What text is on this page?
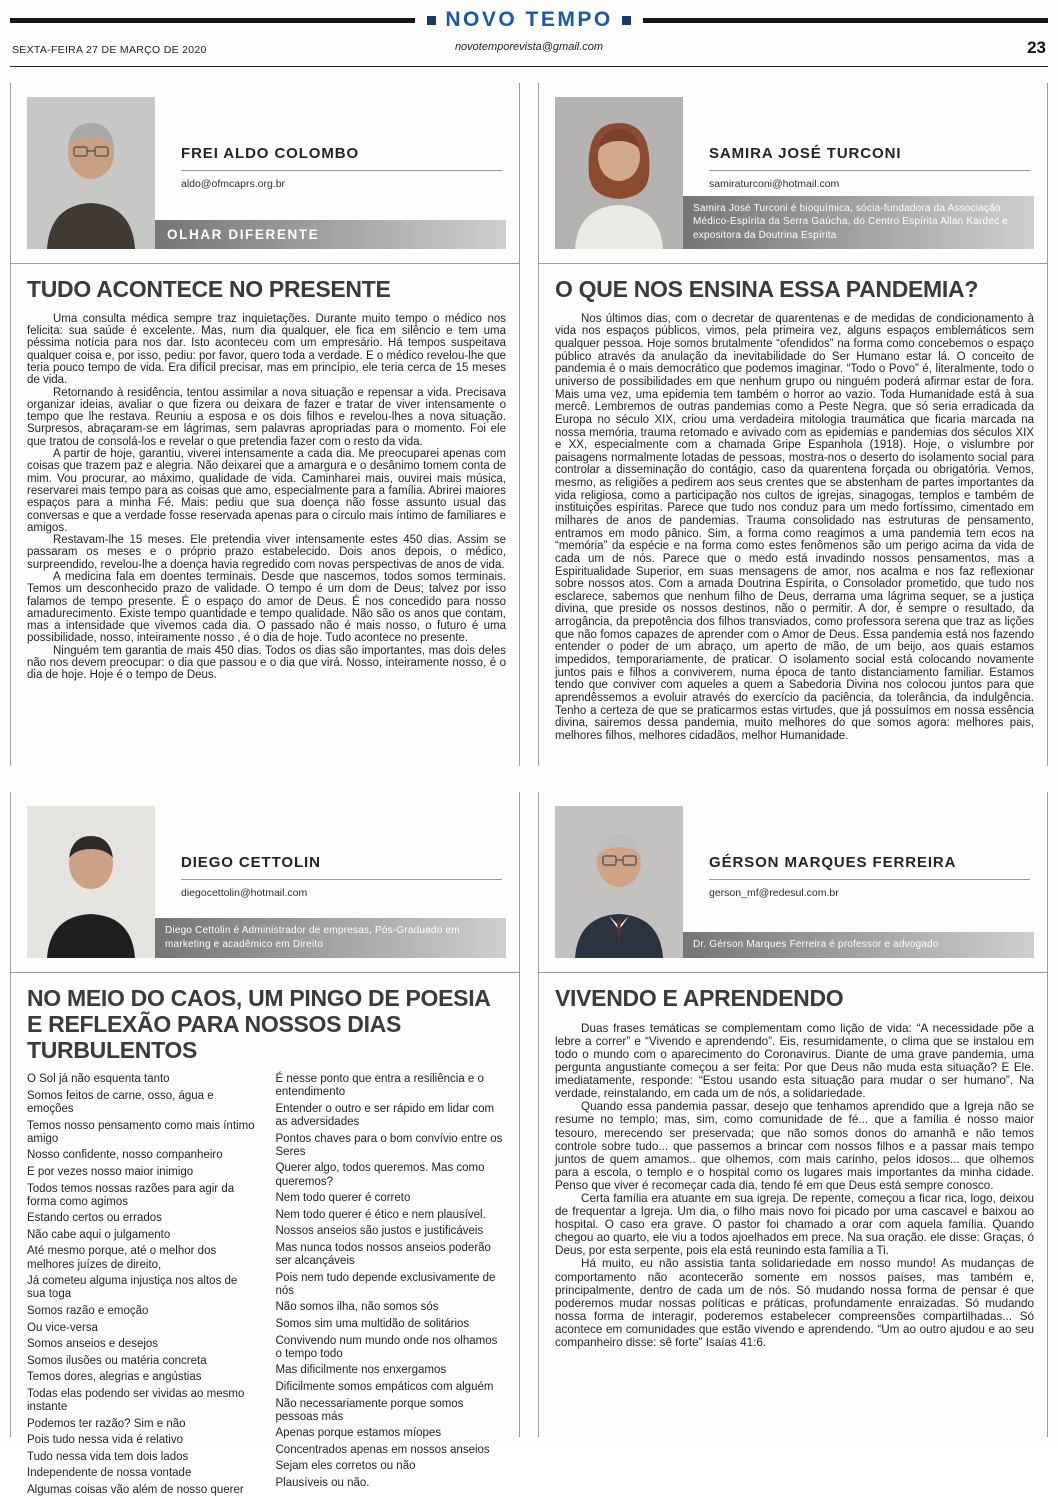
NOVO TEMPO
SEXTA-FEIRA 27 DE MARÇO DE 2020	novotemporevista@gmail.com	23
FREI ALDO COLOMBO
aldo@ofmcaprs.org.br
OLHAR DIFERENTE
TUDO ACONTECE NO PRESENTE

Uma consulta médica sempre traz inquietações. Durante muito tempo o médico nos felicita: sua saúde é excelente. Mas, num dia qualquer, ele fica em silêncio e tem uma péssima notícia para nos dar. Isto aconteceu com um empresário. Há tempos suspeitava qualquer coisa e, por isso, pediu: por favor, quero toda a verdade. E o médico revelou-lhe que teria pouco tempo de vida. Era difícil precisar, mas em princípio, ele teria cerca de 15 meses de vida.

Retornando à residência, tentou assimilar a nova situação e repensar a vida. Precisava organizar ideias, avaliar o que fizera ou deixara de fazer e tratar de viver intensamente o tempo que lhe restava. Reuniu a esposa e os dois filhos e revelou-lhes a nova situação. Surpresos, abraçaram-se em lágrimas, sem palavras apropriadas para o momento. Foi ele que tratou de consolá-los e revelar o que pretendia fazer com o resto da vida.

A partir de hoje, garantiu, viverei intensamente a cada dia. Me preocuparei apenas com coisas que trazem paz e alegria. Não deixarei que a amargura e o desânimo tomem conta de mim. Vou procurar, ao máximo, qualidade de vida. Caminharei mais, ouvirei mais música, reservarei mais tempo para as coisas que amo, especialmente para a família. Abrirei maiores espaços para a minha Fé. Mais: pediu que sua doença não fosse assunto usual das conversas e que a verdade fosse reservada apenas para o círculo mais íntimo de familiares e amigos.

Restavam-lhe 15 meses. Ele pretendia viver intensamente estes 450 dias. Assim se passaram os meses e o próprio prazo estabelecido. Dois anos depois, o médico, surpreendido, revelou-lhe a doença havia regredido com novas perspectivas de anos de vida.

A medicina fala em doentes terminais. Desde que nascemos, todos somos terminais. Temos um desconhecido prazo de validade. O tempo é um dom de Deus; talvez por isso falamos de tempo presente. É o espaço do amor de Deus. É nos concedido para nosso amadurecimento. Existe tempo quantidade e tempo qualidade. Não são os anos que contam, mas a intensidade que vivemos cada dia. O passado não é mais nosso, o futuro é uma possibilidade, nosso, inteiramente nosso , é o dia de hoje. Tudo acontece no presente.

Ninguém tem garantia de mais 450 dias. Todos os dias são importantes, mas dois deles não nos devem preocupar: o dia que passou e o dia que virá. Nosso, inteiramente nosso, é o dia de hoje. Hoje é o tempo de Deus.

SAMIRA JOSÉ TURCONI
samiraturconi@hotmail.com
Samira José Turconi é bioquímica, sócia-fundadora da Associação Médico-Espírita da Serra Gaúcha, do Centro Espírita Allan Kardec e expositora da Doutrina Espírita
O QUE NOS ENSINA ESSA PANDEMIA?

Nos últimos dias, com o decretar de quarentenas e de medidas de condicionamento à vida nos espaços públicos, vimos, pela primeira vez, alguns espaços emblemáticos sem qualquer pessoa. Hoje somos brutalmente “ofendidos” na forma como concebemos o espaço público através da anulação da inevitabilidade do Ser Humano estar lá. O conceito de pandemia é o mais democrático que podemos imaginar. “Todo o Povo” é, literalmente, todo o universo de possibilidades em que nenhum grupo ou ninguém poderá afirmar estar de fora. Mais uma vez, uma epidemia tem também o horror ao vazio. Toda Humanidade está à sua mercê. Lembremos de outras pandemias como a Peste Negra, que só seria erradicada da Europa no século XIX, criou uma verdadeira mitologia traumática que ficaria marcada na nossa memória, trauma retomado e avivado com as epidemias e pandemias dos séculos XIX e XX, especialmente com a chamada Gripe Espanhola (1918). Hoje, o vislumbre por paisagens normalmente lotadas de pessoas, mostra-nos o deserto do isolamento social para controlar a disseminação do contágio, caso da quarentena forçada ou obrigatória. Vemos, mesmo, as religiões a pedirem aos seus crentes que se abstenham de partes importantes da vida religiosa, como a participação nos cultos de igrejas, sinagogas, templos e também de instituições espíritas. Parece que tudo nos conduz para um medo fortíssimo, cimentado em milhares de anos de pandemias. Trauma consolidado nas estruturas de pensamento, entramos em modo pânico. Sim, a forma como reagimos a uma pandemia tem ecos na “memória” da espécie e na forma como estes fenômenos são um perigo acima da vida de cada um de nós. Parece que o medo está invadindo nossos pensamentos, mas a Espiritualidade Superior, em suas mensagens de amor, nos acalma e nos faz reflexionar sobre nossos atos. Com a amada Doutrina Espírita, o Consolador prometido, que tudo nos esclarece, sabemos que nenhum filho de Deus, derrama uma lágrima sequer, se a justiça divina, que preside os nossos destinos, não o permitir. A dor, é sempre o resultado, da arrogância, da prepotência dos filhos transviados, como professora serena que traz as lições que não fomos capazes de aprender com o Amor de Deus. Essa pandemia está nos fazendo entender o poder de um abraço, um aperto de mão, de um beijo, aos quais estamos impedidos, temporariamente, de praticar. O isolamento social está colocando novamente juntos pais e filhos a conviverem, numa época de tanto distanciamento familiar. Estamos tendo que conviver com aqueles a quem a Sabedoria Divina nos colocou juntos para que aprendêssemos a evoluir através do exercício da paciência, da tolerância, da indulgência. Tenho a certeza de que se praticarmos estas virtudes, que já possuímos em nossa essência divina, sairemos dessa pandemia, muito melhores do que somos agora: melhores pais, melhores filhos, melhores cidadãos, melhor Humanidade.

DIEGO CETTOLIN
diegocettolin@hotmail.com
Diego Cettolin é Administrador de empresas, Pós-Graduado em marketing e acadêmico em Direito
NO MEIO DO CAOS, UM PINGO DE POESIA E REFLEXÃO PARA NOSSOS DIAS TURBULENTOS

O Sol já não esquenta tanto

Somos feitos de carne, osso, água e emoções

Temos nosso pensamento como mais íntimo amigo

Nosso confidente, nosso companheiro

E por vezes nosso maior inimigo

Todos temos nossas razões para agir da forma como agimos

Estando certos ou errados

Não cabe aqui o julgamento

Até mesmo porque, até o melhor dos melhores juízes de direito,

Já cometeu alguma injustiça nos altos de sua toga

Somos razão e emoção

Ou vice-versa

Somos anseios e desejos

Somos ilusões ou matéria concreta

Temos dores, alegrias e angústias

Todas elas podendo ser vividas ao mesmo instante

Podemos ter razão? Sim e não

Pois tudo nessa vida é relativo

Tudo nessa vida tem dois lados

Independente de nossa vontade

Algumas coisas vão além de nosso querer

É nesse ponto que entra a resiliência e o entendimento

Entender o outro e ser rápido em lidar com as adversidades

Pontos chaves para o bom convívio entre os Seres

Querer algo, todos queremos. Mas como queremos?

Nem todo querer é correto

Nem todo querer é ético e nem plausível.

Nossos anseios são justos e justificáveis

Mas nunca todos nossos anseios poderão ser alcançáveis

Pois nem tudo depende exclusivamente de nós

Não somos ilha, não somos sós

Somos sim uma multidão de solitários

Convivendo num mundo onde nos olhamos o tempo todo

Mas dificilmente nos enxergamos

Dificilmente somos empáticos com alguém

Não necessariamente porque somos pessoas más

Apenas porque estamos míopes

Concentrados apenas em nossos anseios

Sejam eles corretos ou não

Plausíveis ou não.

GÉRSON MARQUES FERREIRA
gerson_mf@redesul.com.br
Dr. Gérson Marques Ferreira é professor e advogado
VIVENDO E APRENDENDO

Duas frases temáticas se complementam como lição de vida: “A necessidade põe a lebre a correr” e “Vivendo e aprendendo”. Eis, resumidamente, o clima que se instalou em todo o mundo com o aparecimento do Coronavirus. Diante de uma grave pandemia, uma pergunta angustiante começou a ser feita: Por que Deus não muda esta situação? E Ele. imediatamente, responde: “Estou usando esta situação para mudar o ser humano”. Na verdade, reinstalando, em cada um de nós, a solidariedade.

Quando essa pandemia passar, desejo que tenhamos aprendido que a Igreja não se resume no templo; mas, sim, como comunidade de fé... que a família é nosso maior tesouro, merecendo ser preservada; que não somos donos do amanhã e não temos controle sobre tudo... que passemos a brincar com nossos filhos e a passar mais tempo juntos de quem amamos.. que olhemos, com mais carinho, pelos idosos... que olhemos para a escola, o templo e o hospital como os lugares mais importantes da minha cidade. Penso que viver é recomeçar cada dia, tendo fé em que Deus está sempre conosco.

Certa família era atuante em sua igreja. De repente, começou a ficar rica, logo, deixou de frequentar a Igreja. Um dia, o filho mais novo foi picado por uma cascavel e baixou ao hospital. O caso era grave. O pastor foi chamado a orar com aquela família. Quando chegou ao quarto, ele viu a todos ajoelhados em prece. Na sua oração. ele disse: Graças, ó Deus, por esta serpente, pois ela está reunindo esta família a Ti.

Há muito, eu não assistia tanta solidariedade em nosso mundo! As mudanças de comportamento não acontecerão somente em nossos países, mas também e, principalmente, dentro de cada um de nós. Só mudando nossa forma de pensar é que poderemos mudar nossas políticas e práticas, profundamente enraizadas. Só mudando nossa forma de interagir, poderemos estabelecer compreensões compartilhadas... Só acontece em comunidades que estão vivendo e aprendendo. “Um ao outro ajudou e ao seu companheiro disse: sê forte” Isaías 41:6.
